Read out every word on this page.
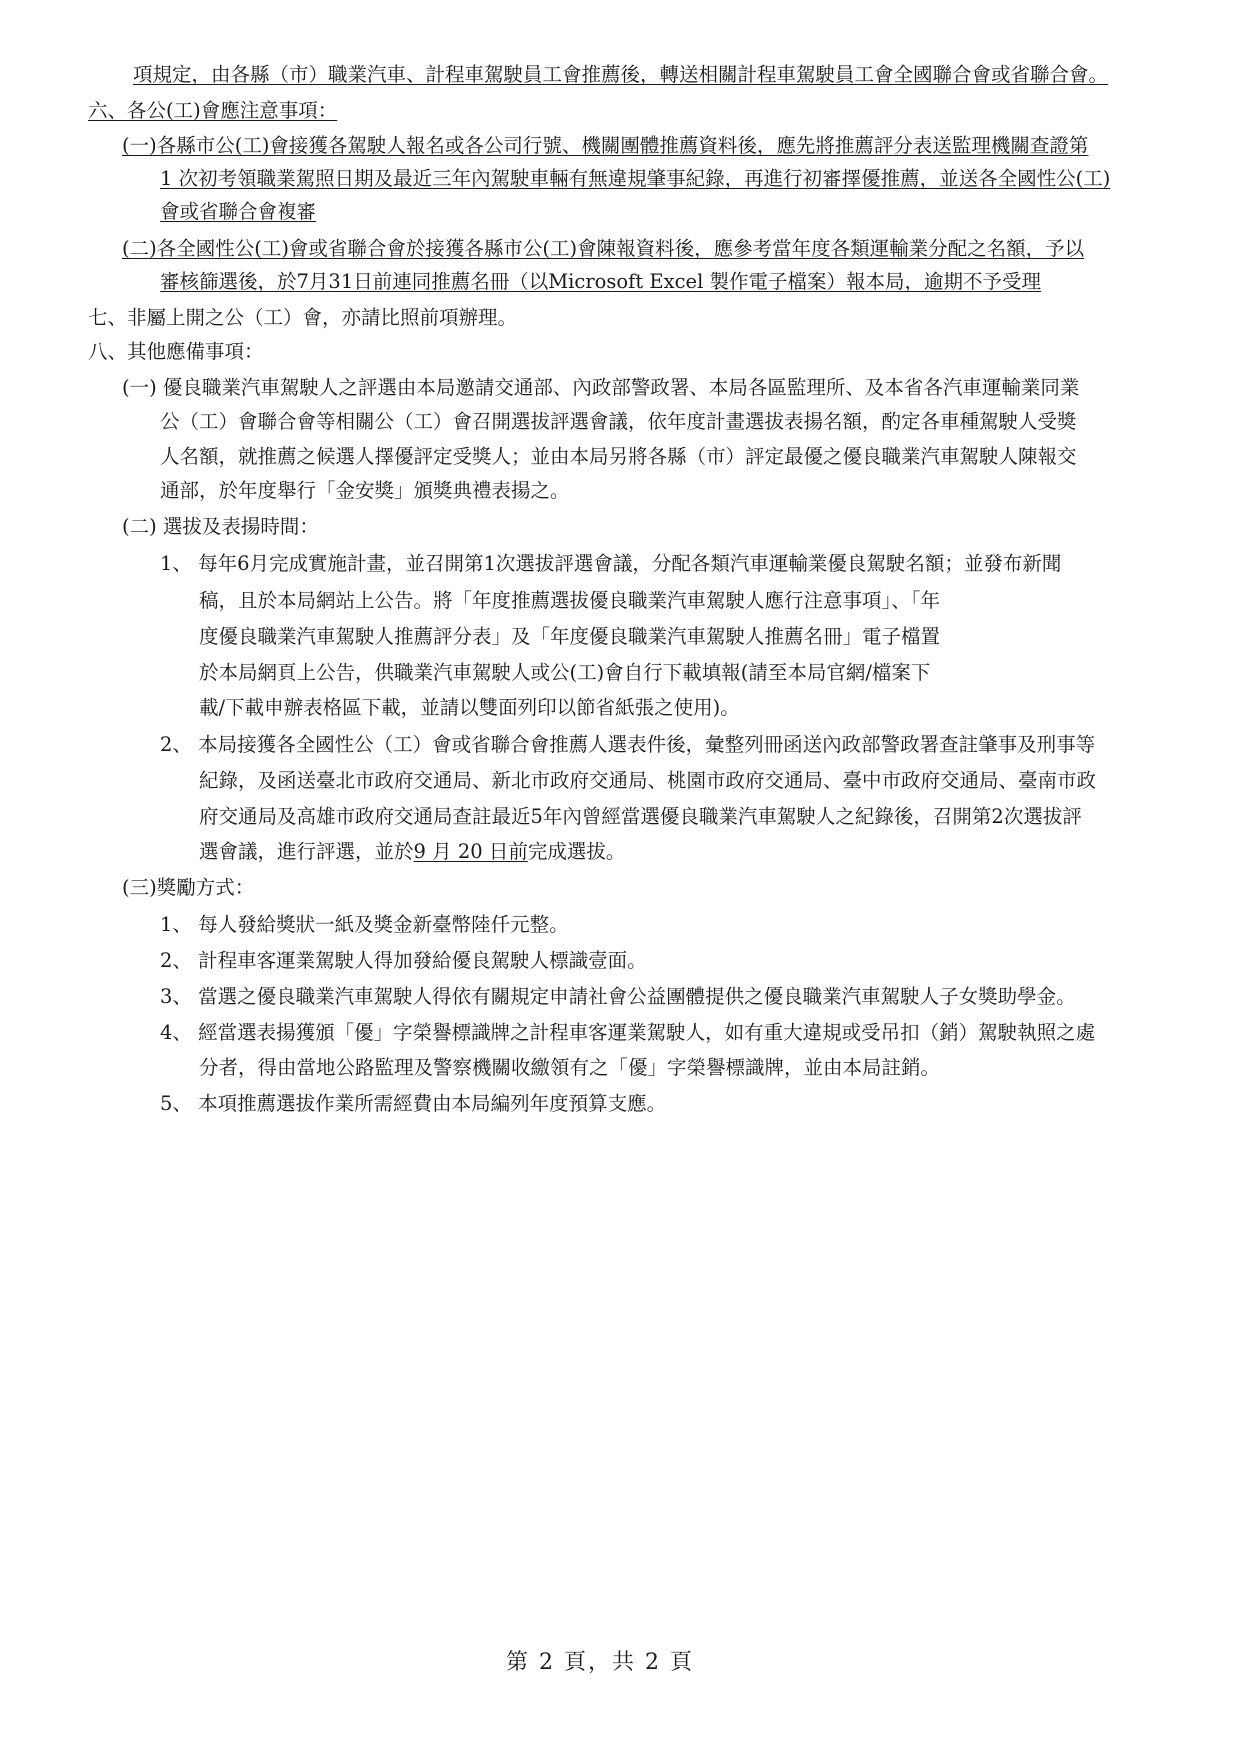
項規定，由各縣（市）職業汽車、計程車駕駛員工會推薦後，轉送相關計程車駕駛員工會全國聯合會或省聯合會。
六、各公(工)會應注意事項：
(一)各縣市公(工)會接獲各駕駛人報名或各公司行號、機關團體推薦資料後，應先將推薦評分表送監理機關查證第
1 次初考領職業駕照日期及最近三年內駕駛車輛有無違規肇事紀錄，再進行初審擇優推薦，並送各全國性公(工)
會或省聯合會複審
(二)各全國性公(工)會或省聯合會於接獲各縣市公(工)會陳報資料後，應參考當年度各類運輸業分配之名額，予以
審核篩選後，於7月31日前連同推薦名冊（以Microsoft Excel 製作電子檔案）報本局，逾期不予受理
七、非屬上開之公（工）會，亦請比照前項辦理。
八、其他應備事項：
(一) 優良職業汽車駕駛人之評選由本局邀請交通部、內政部警政署、本局各區監理所、及本省各汽車運輸業同業
公（工）會聯合會等相關公（工）會召開選拔評選會議，依年度計畫選拔表揚名額，酌定各車種駕駛人受獎
人名額，就推薦之候選人擇優評定受獎人；並由本局另將各縣（市）評定最優之優良職業汽車駕駛人陳報交
通部，於年度舉行「金安獎」頒獎典禮表揚之。
(二) 選拔及表揚時間：
1、 每年6月完成實施計畫，並召開第1次選拔評選會議，分配各類汽車運輸業優良駕駛名額；並發布新聞
稿，且於本局網站上公告。將「年度推薦選拔優良職業汽車駕駛人應行注意事項」、「年
度優良職業汽車駕駛人推薦評分表」及「年度優良職業汽車駕駛人推薦名冊」電子檔置
於本局網頁上公告，供職業汽車駕駛人或公(工)會自行下載填報(請至本局官網/檔案下
載/下載申辦表格區下載，並請以雙面列印以節省紙張之使用)。
2、 本局接獲各全國性公（工）會或省聯合會推薦人選表件後，彙整列冊函送內政部警政署查註肇事及刑事等
紀錄，及函送臺北市政府交通局、新北市政府交通局、桃園市政府交通局、臺中市政府交通局、臺南市政
府交通局及高雄市政府交通局查註最近5年內曾經當選優良職業汽車駕駛人之紀錄後，召開第2次選拔評
選會議，進行評選，並於9 月 20 日前完成選拔。
(三)獎勵方式：
1、 每人發給獎狀一紙及獎金新臺幣陸仟元整。
2、 計程車客運業駕駛人得加發給優良駕駛人標識壹面。
3、 當選之優良職業汽車駕駛人得依有關規定申請社會公益團體提供之優良職業汽車駕駛人子女獎助學金。
4、 經當選表揚獲頒「優」字榮譽標識牌之計程車客運業駕駛人，如有重大違規或受吊扣（銷）駕駛執照之處
分者，得由當地公路監理及警察機關收繳領有之「優」字榮譽標識牌，並由本局註銷。
5、 本項推薦選拔作業所需經費由本局編列年度預算支應。
第 2 頁，共 2 頁
